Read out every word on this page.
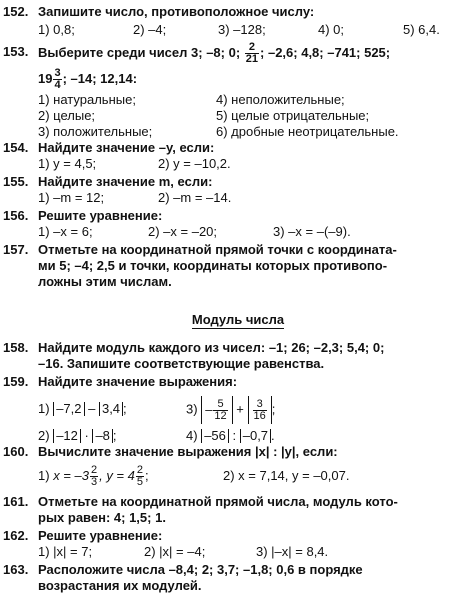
152. Запишите число, противоположное числу:
1) 0,8;	2) –4;	3) –128;	4) 0;	5) 6,4.
153. Выберите среди чисел 3; –8; 0; $\frac{2}{21}$ ; –2,6; 4,8; –741; 525;
$19 \frac{3}{4}$ ; –14; 12,14:
1) натуральные;	4) неположительные;
2) целые;	5) целые отрицательные;
3) положительные;	6) дробные неотрицательные.
154. Найдите значение –y, если:
1) y = 4,5;	2) y = –10,2.
155. Найдите значение m, если:
1) –m = 12;	2) –m = –14.
156. Решите уравнение:
1) –x = 6;	2) –x = –20;	3) –x = –(–9).
157. Отметьте на координатной прямой точки с координата-
ми 5; –4; 2,5 и точки, координаты которых противопо-
ложны этим числам.
Модуль числа
158. Найдите модуль каждого из чисел: –1; 26; –2,3; 5,4; 0;
–16. Запишите соответствующие равенства.
159. Найдите значение выражения:
1) –7,2 – 3,4 ;	$3) - \frac{5}{12} + \frac{3}{16}$ ;
2) –12 · –8 ;	4) –56 : –0,7 .
160. Вычислите значение выражения |x| : |y|, если:
1) $x = -3 \frac{2}{3}$ , $y = 4 \frac{2}{5}$ ;	2) x = 7,14, y = –0,07.
161. Отметьте на координатной прямой числа, модуль кото-
рых равен: 4; 1,5; 1.
162. Решите уравнение:
1) |x| = 7;	2) |x| = –4;	3) |–x| = 8,4.
163. Расположите числа –8,4; 2; 3,7; –1,8; 0,6 в порядке
возрастания их модулей.
